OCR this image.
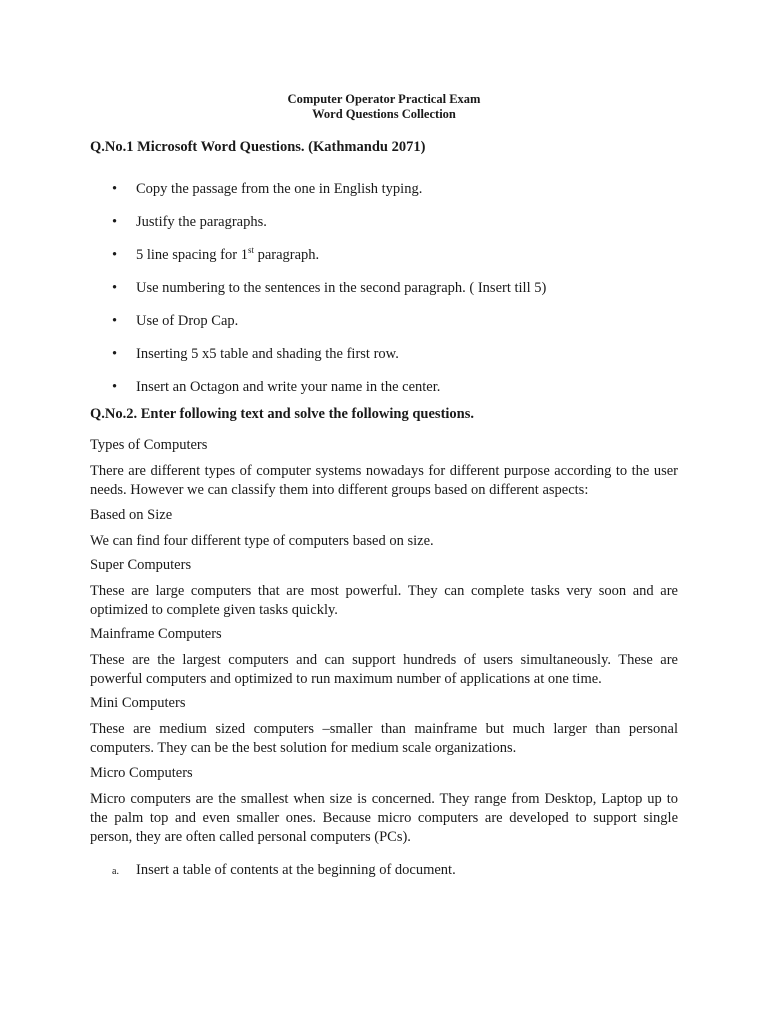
Computer Operator Practical Exam
Word Questions Collection
Q.No.1 Microsoft Word Questions. (Kathmandu 2071)
• Copy the passage from the one in English typing.
• Justify the paragraphs.
• 5 line spacing for 1st paragraph.
• Use numbering to the sentences in the second paragraph. ( Insert till 5)
• Use of Drop Cap.
• Inserting 5 x5 table and shading the first row.
• Insert an Octagon and write your name in the center.
Q.No.2. Enter following text and solve the following questions.
Types of Computers
There are different types of computer systems nowadays for different purpose according to the user needs. However we can classify them into different groups based on different aspects:
Based on Size
We can find four different type of computers based on size.
Super Computers
These are large computers that are most powerful. They can complete tasks very soon and are optimized to complete given tasks quickly.
Mainframe Computers
These are the largest computers and can support hundreds of users simultaneously. These are powerful computers and optimized to run maximum number of applications at one time.
Mini Computers
These are medium sized computers –smaller than mainframe but much larger than personal computers. They can be the best solution for medium scale organizations.
Micro Computers
Micro computers are the smallest when size is concerned. They range from Desktop, Laptop up to the palm top and even smaller ones. Because micro computers are developed to support single person, they are often called personal computers (PCs).
a. Insert a table of contents at the beginning of document.
